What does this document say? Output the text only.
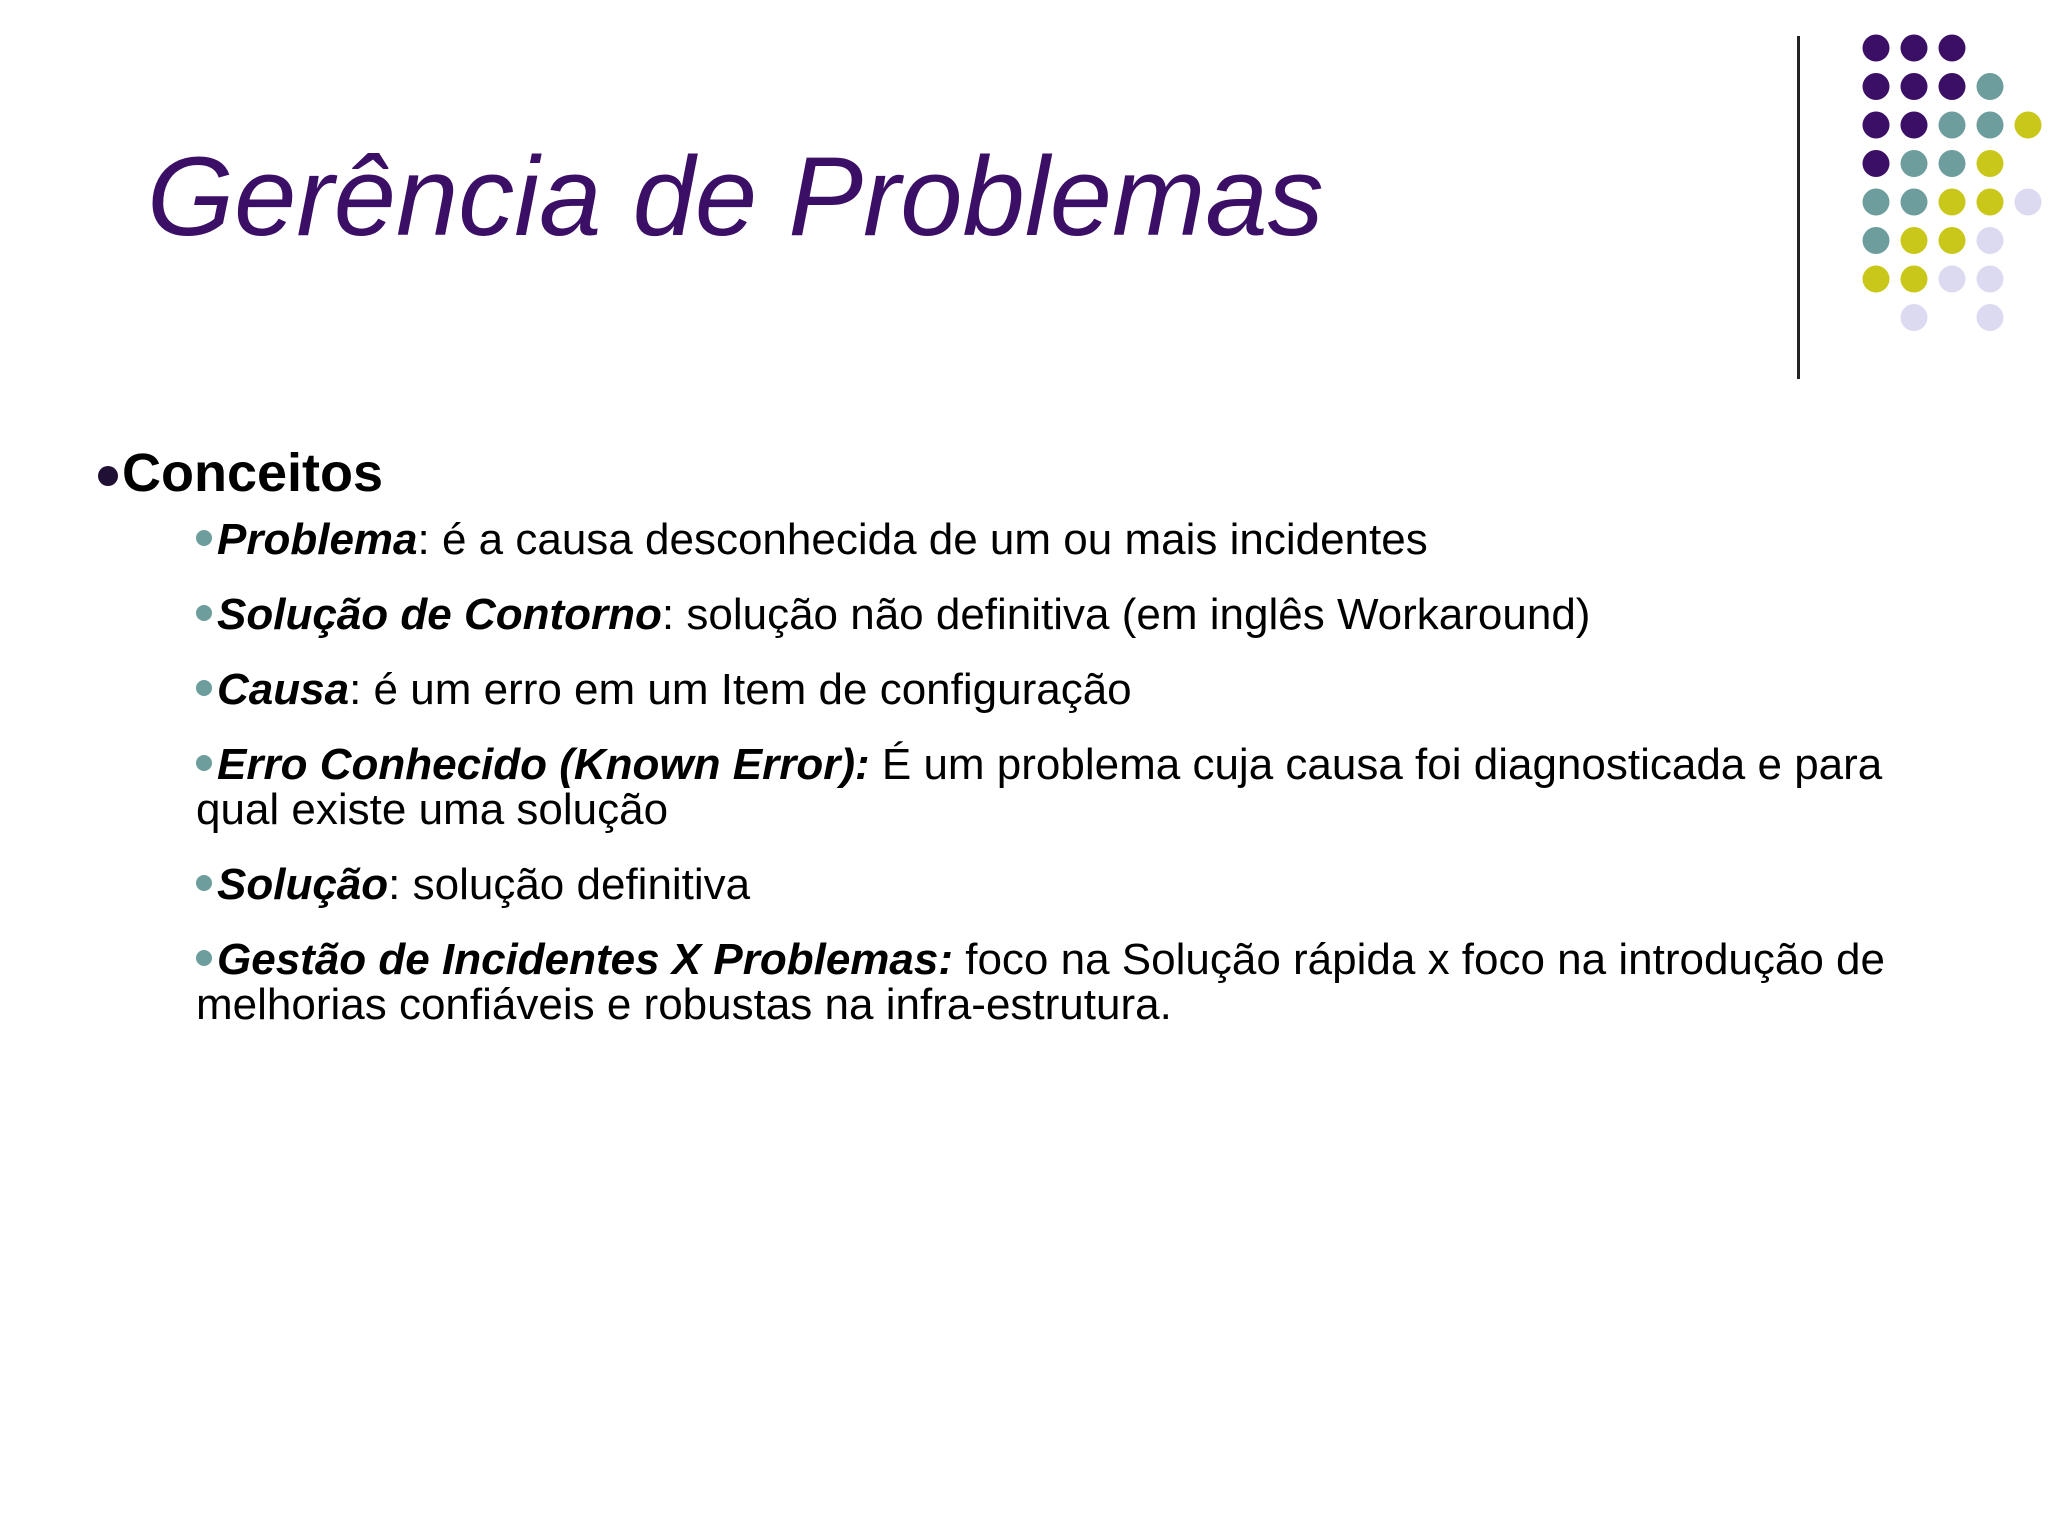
Gerência de Problemas
Conceitos
Problema: é a causa desconhecida de um ou mais incidentes
Solução de Contorno: solução não definitiva (em inglês Workaround)
Causa: é um erro em um Item de configuração
Erro Conhecido (Known Error): É um problema cuja causa foi diagnosticada e para qual existe uma solução
Solução: solução definitiva
Gestão de Incidentes X Problemas: foco na Solução rápida x foco na introdução de melhorias confiáveis e robustas na infra-estrutura.
